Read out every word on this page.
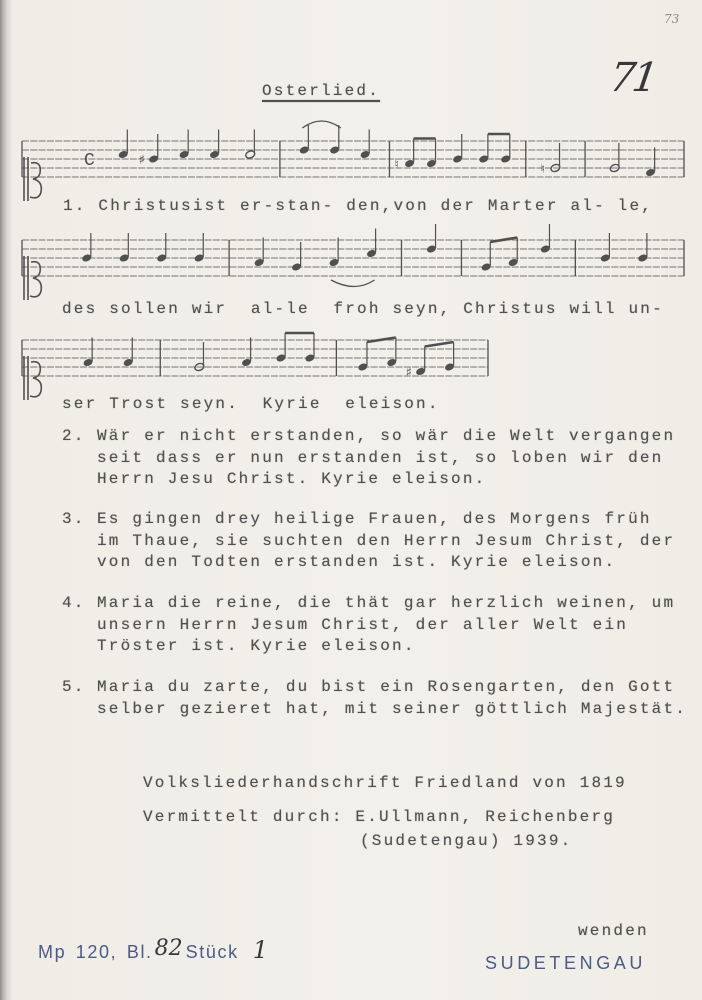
73
71
Osterlied.
C	♯	♮	♮
1. Christusist er-stan- den,von der Marter al- le,
des sollen wir  al-le  froh seyn, Christus will un-
♯
ser Trost seyn.  Kyrie  eleison.
2. Wär er nicht erstanden, so wär die Welt vergangen
seit dass er nun erstanden ist, so loben wir den
Herrn Jesu Christ. Kyrie eleison.
3. Es gingen drey heilige Frauen, des Morgens früh
im Thaue, sie suchten den Herrn Jesum Christ, der
von den Todten erstanden ist. Kyrie eleison.
4. Maria die reine, die thät gar herzlich weinen, um
unsern Herrn Jesum Christ, der aller Welt ein
Tröster ist. Kyrie eleison.
5. Maria du zarte, du bist ein Rosengarten, den Gott
selber gezieret hat, mit seiner göttlich Majestät.
Volksliederhandschrift Friedland von 1819
Vermittelt durch: E.Ullmann, Reichenberg
(Sudetengau) 1939.
wenden
Mp 120, Bl. 82 Stück 1	SUDETENGAU
